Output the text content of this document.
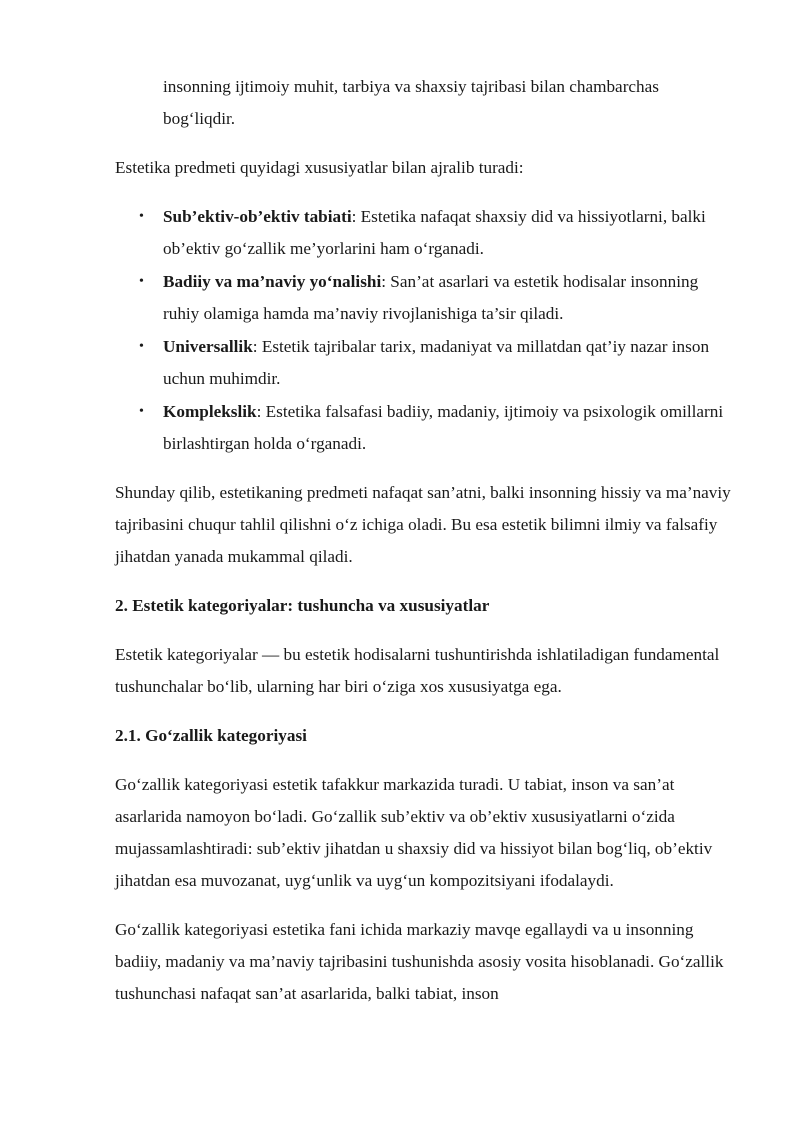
insonning ijtimoiy muhit, tarbiya va shaxsiy tajribasi bilan chambarchas bog‘liqdir.

Estetika predmeti quyidagi xususiyatlar bilan ajralib turadi:

• Sub’ektiv-ob’ektiv tabiati: Estetika nafaqat shaxsiy did va hissiyotlarni, balki ob’ektiv go‘zallik me’yorlarini ham o‘rganadi.
• Badiiy va ma’naviy yo‘nalishi: San’at asarlari va estetik hodisalar insonning ruhiy olamiga hamda ma’naviy rivojlanishiga ta’sir qiladi.
• Universallik: Estetik tajribalar tarix, madaniyat va millatdan qat’iy nazar inson uchun muhimdir.
• Komplekslik: Estetika falsafasi badiiy, madaniy, ijtimoiy va psixologik omillarni birlashtirgan holda o‘rganadi.

Shunday qilib, estetikaning predmeti nafaqat san’atni, balki insonning hissiy va ma’naviy tajribasini chuqur tahlil qilishni o‘z ichiga oladi. Bu esa estetik bilimni ilmiy va falsafiy jihatdan yanada mukammal qiladi.

2. Estetik kategoriyalar: tushuncha va xususiyatlar

Estetik kategoriyalar — bu estetik hodisalarni tushuntirishda ishlatiladigan fundamental tushunchalar bo‘lib, ularning har biri o‘ziga xos xususiyatga ega.

2.1. Go‘zallik kategoriyasi

Go‘zallik kategoriyasi estetik tafakkur markazida turadi. U tabiat, inson va san’at asarlarida namoyon bo‘ladi. Go‘zallik sub’ektiv va ob’ektiv xususiyatlarni o‘zida mujassamlashtiradi: sub’ektiv jihatdan u shaxsiy did va hissiyot bilan bog‘liq, ob’ektiv jihatdan esa muvozanat, uyg‘unlik va uyg‘un kompozitsiyani ifodalaydi.

Go‘zallik kategoriyasi estetika fani ichida markaziy mavqe egallaydi va u insonning badiiy, madaniy va ma’naviy tajribasini tushunishda asosiy vosita hisoblanadi. Go‘zallik tushunchasi nafaqat san’at asarlarida, balki tabiat, inson
